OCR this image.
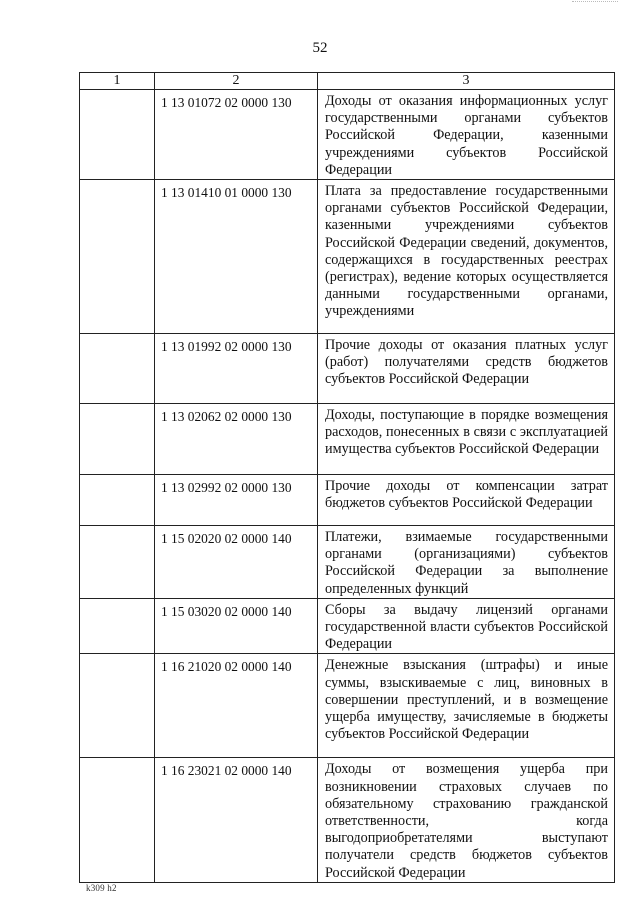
52
1	2	3
	1 13 01072 02 0000 130	Доходы от оказания информационных услуг государственными органами субъектов Российской Федерации, казенными учреждениями субъектов Российской Федерации
	1 13 01410 01 0000 130	Плата за предоставление государственными органами субъектов Российской Федерации, казенными учреждениями субъектов Российской Федерации сведений, документов, содержащихся в государственных реестрах (регистрах), ведение которых осуществляется данными государственными органами, учреждениями
	1 13 01992 02 0000 130	Прочие доходы от оказания платных услуг (работ) получателями средств бюджетов субъектов Российской Федерации
	1 13 02062 02 0000 130	Доходы, поступающие в порядке возмещения расходов, понесенных в связи с эксплуатацией имущества субъектов Российской Федерации
	1 13 02992 02 0000 130	Прочие доходы от компенсации затрат бюджетов субъектов Российской Федерации
	1 15 02020 02 0000 140	Платежи, взимаемые государственными органами (организациями) субъектов Российской Федерации за выполнение определенных функций
	1 15 03020 02 0000 140	Сборы за выдачу лицензий органами государственной власти субъектов Российской Федерации
	1 16 21020 02 0000 140	Денежные взыскания (штрафы) и иные суммы, взыскиваемые с лиц, виновных в совершении преступлений, и в возмещение ущерба имуществу, зачисляемые в бюджеты субъектов Российской Федерации
	1 16 23021 02 0000 140	Доходы от возмещения ущерба при возникновении страховых случаев по обязательному страхованию гражданской ответственности, когда выгодоприобретателями выступают получатели средств бюджетов субъектов Российской Федерации
k309 h2
